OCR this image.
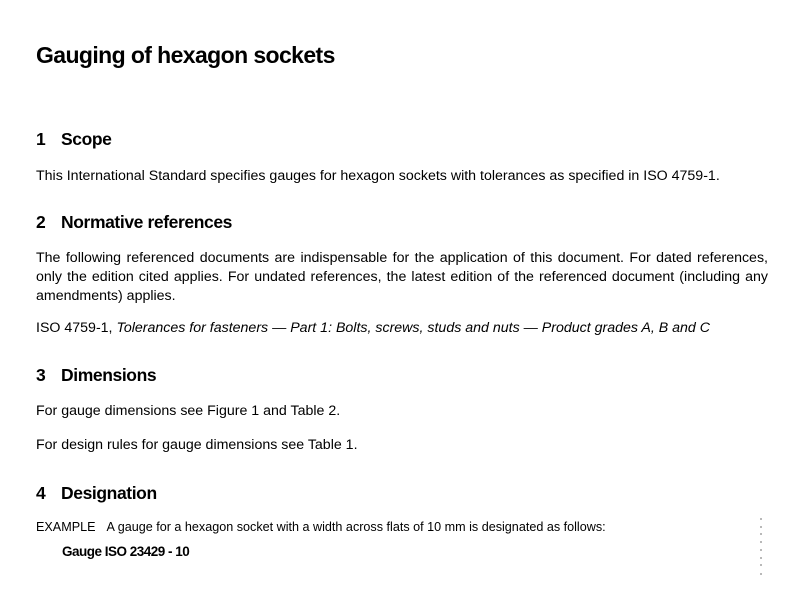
Gauging of hexagon sockets
1 Scope

This International Standard specifies gauges for hexagon sockets with tolerances as specified in ISO 4759-1.

2 Normative references

The following referenced documents are indispensable for the application of this document. For dated references, only the edition cited applies. For undated references, the latest edition of the referenced document (including any amendments) applies.

ISO 4759-1, Tolerances for fasteners — Part 1: Bolts, screws, studs and nuts — Product grades A, B and C

3 Dimensions

For gauge dimensions see Figure 1 and Table 2.

For design rules for gauge dimensions see Table 1.

4 Designation

EXAMPLE A gauge for a hexagon socket with a width across flats of 10 mm is designated as follows:

Gauge ISO 23429 - 10
